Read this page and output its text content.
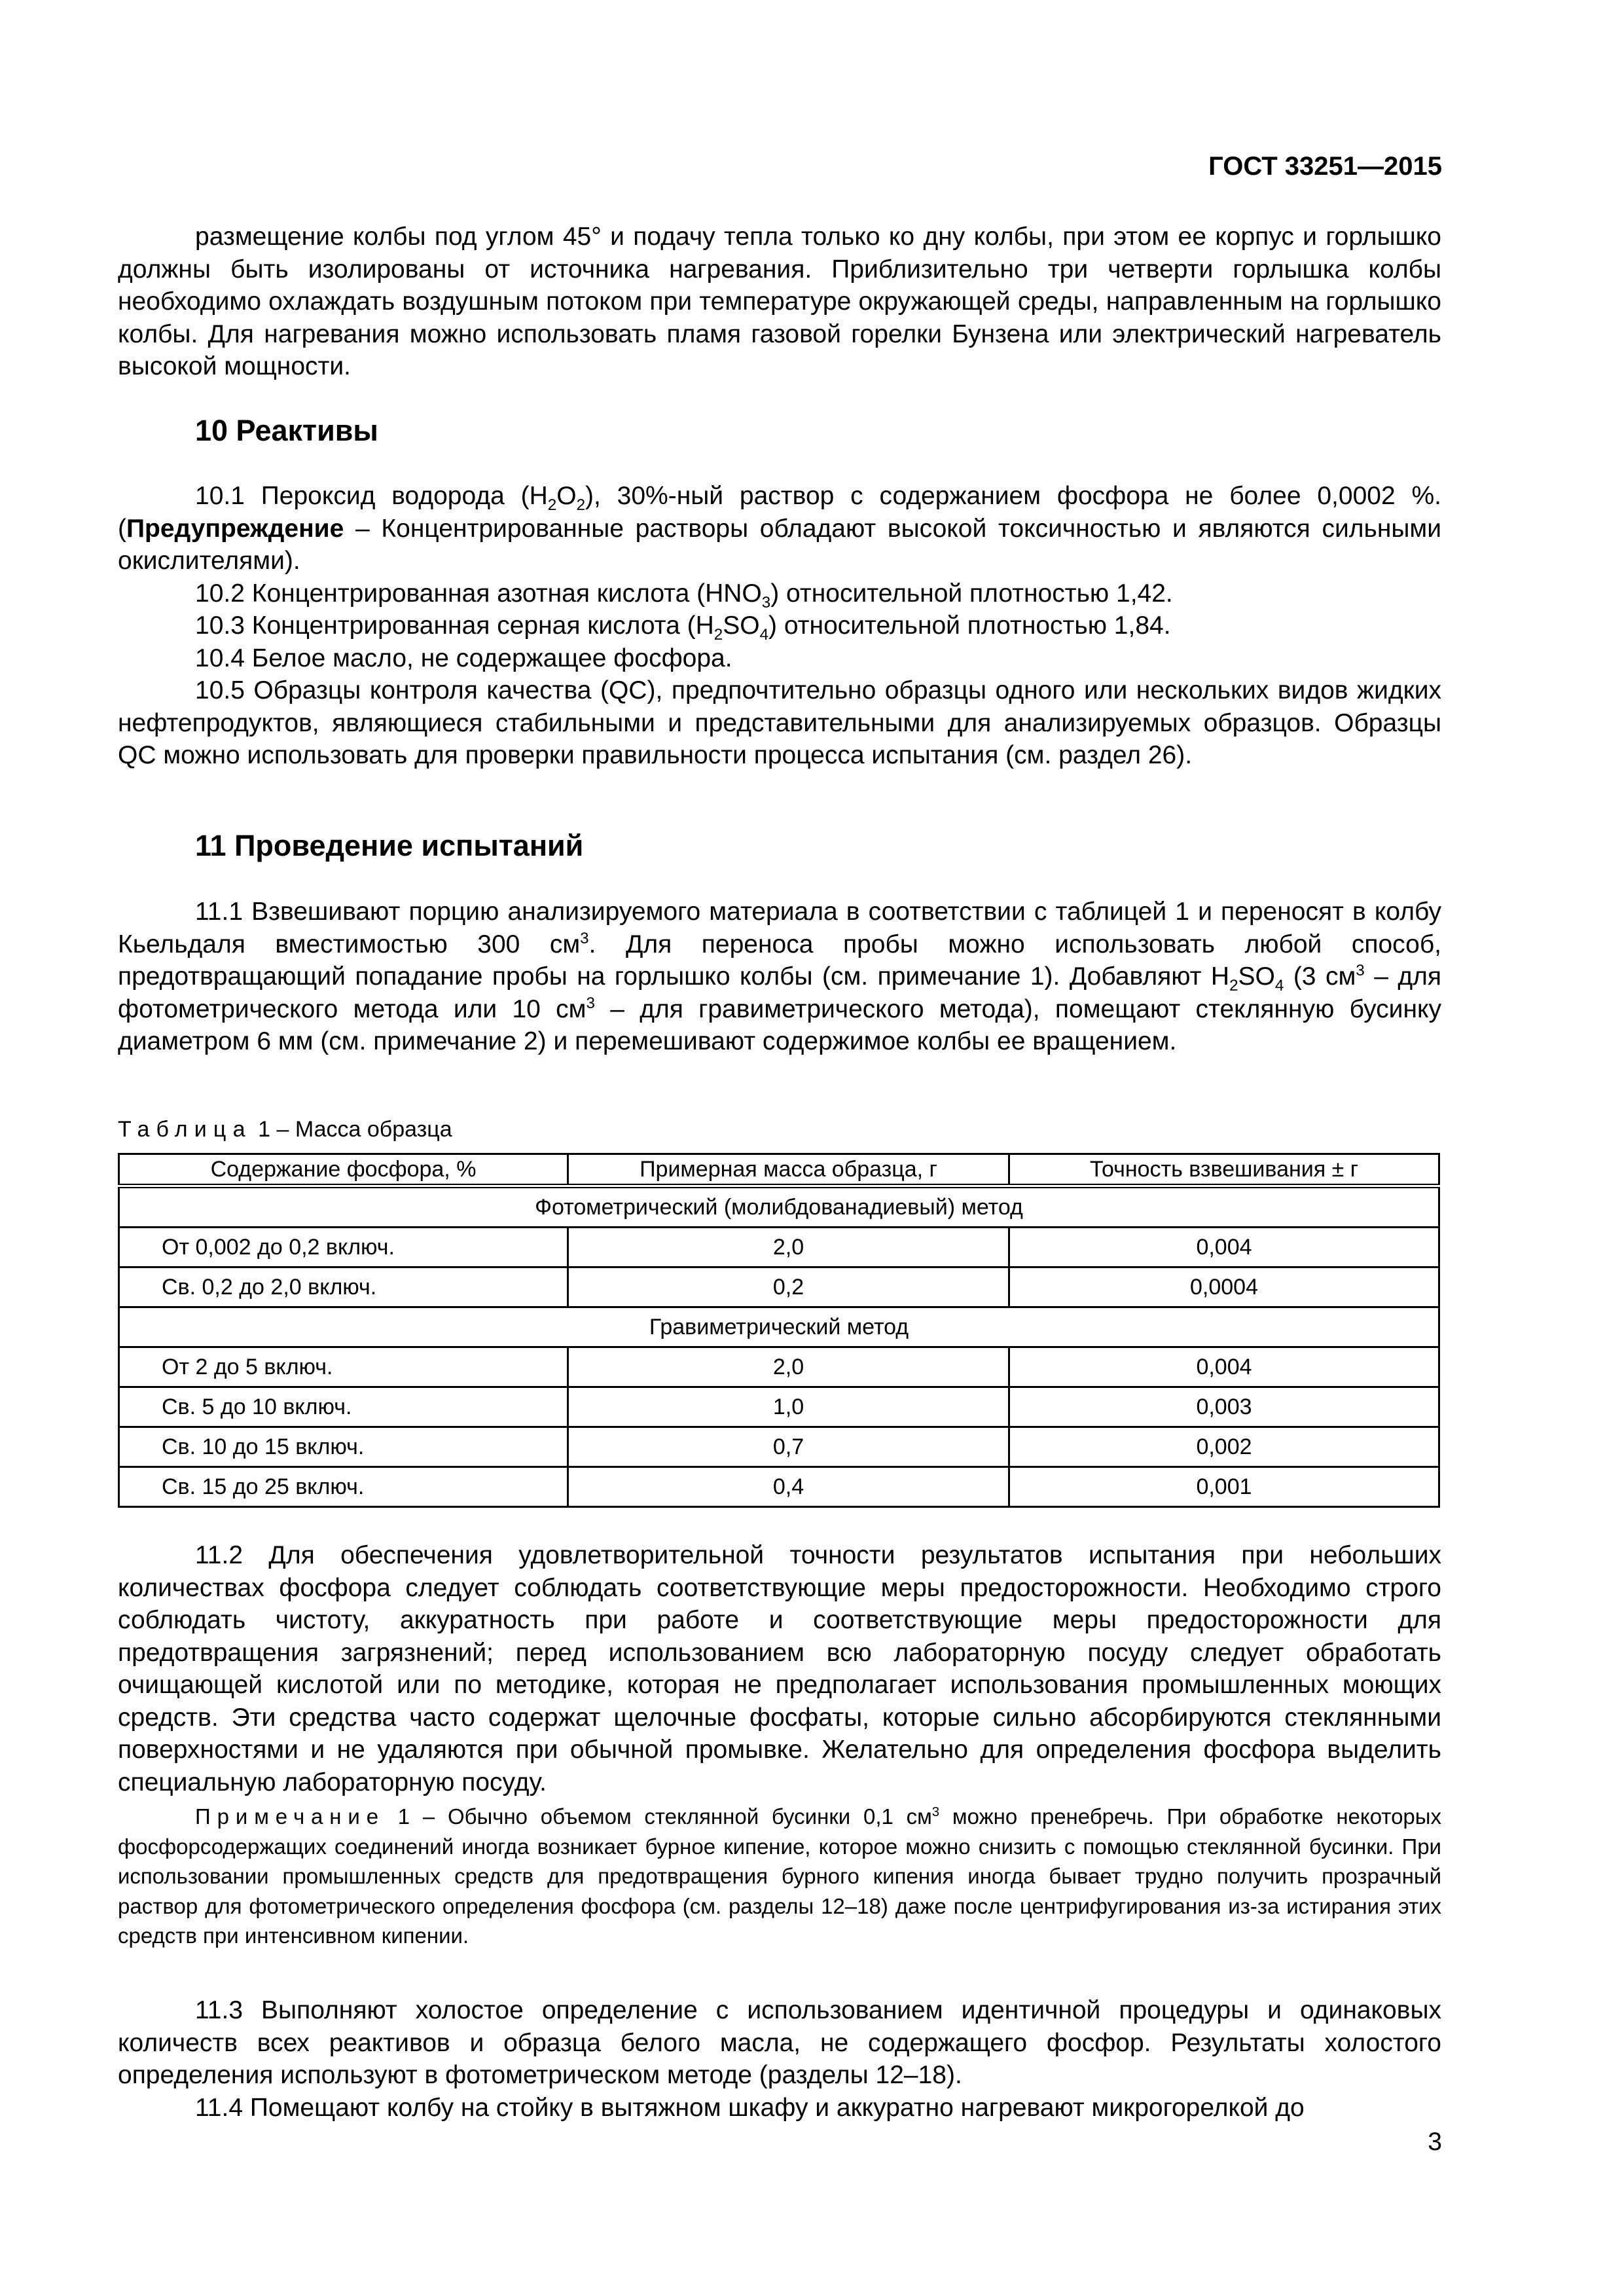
ГОСТ 33251—2015

размещение колбы под углом 45° и подачу тепла только ко дну колбы, при этом ее корпус и горлышко должны быть изолированы от источника нагревания. Приблизительно три четверти горлышка колбы необходимо охлаждать воздушным потоком при температуре окружающей среды, направленным на горлышко колбы. Для нагревания можно использовать пламя газовой горелки Бунзена или электрический нагреватель высокой мощности.

10 Реактивы

10.1 Пероксид водорода $(H_2O_2)$, 30%-ный раствор с содержанием фосфора не более 0,0002 %. (Предупреждение – Концентрированные растворы обладают высокой токсичностью и являются сильными окислителями).

10.2 Концентрированная азотная кислота $(HNO_3)$ относительной плотностью 1,42.

10.3 Концентрированная серная кислота $(H_2SO_4)$ относительной плотностью 1,84.

10.4 Белое масло, не содержащее фосфора.

10.5 Образцы контроля качества (QC), предпочтительно образцы одного или нескольких видов жидких нефтепродуктов, являющиеся стабильными и представительными для анализируемых образцов. Образцы QC можно использовать для проверки правильности процесса испытания (см. раздел 26).

11 Проведение испытаний

11.1 Взвешивают порцию анализируемого материала в соответствии с таблицей 1 и переносят в колбу Кьельдаля вместимостью 300 $см^3$. Для переноса пробы можно использовать любой способ, предотвращающий попадание пробы на горлышко колбы (см. примечание 1). Добавляют $H_2SO_4$ (3 $см^3$ – для фотометрического метода или 10 $см^3$ – для гравиметрического метода), помещают стеклянную бусинку диаметром 6 мм (см. примечание 2) и перемешивают содержимое колбы ее вращением.

Таблица 1 – Масса образца
Содержание фосфора, %	Примерная масса образца, г	Точность взвешивания ± г
Фотометрический (молибдованадиевый) метод		
От 0,002 до 0,2 включ.	2,0	0,004
Св. 0,2 до 2,0 включ.	0,2	0,0004
Гравиметрический метод		
От 2 до 5 включ.	2,0	0,004
Св. 5 до 10 включ.	1,0	0,003
Св. 10 до 15 включ.	0,7	0,002
Св. 15 до 25 включ.	0,4	0,001

11.2 Для обеспечения удовлетворительной точности результатов испытания при небольших количествах фосфора следует соблюдать соответствующие меры предосторожности. Необходимо строго соблюдать чистоту, аккуратность при работе и соответствующие меры предосторожности для предотвращения загрязнений; перед использованием всю лабораторную посуду следует обработать очищающей кислотой или по методике, которая не предполагает использования промышленных моющих средств. Эти средства часто содержат щелочные фосфаты, которые сильно абсорбируются стеклянными поверхностями и не удаляются при обычной промывке. Желательно для определения фосфора выделить специальную лабораторную посуду.

Примечание 1 – Обычно объемом стеклянной бусинки 0,1 $см^3$ можно пренебречь. При обработке некоторых фосфорсодержащих соединений иногда возникает бурное кипение, которое можно снизить с помощью стеклянной бусинки. При использовании промышленных средств для предотвращения бурного кипения иногда бывает трудно получить прозрачный раствор для фотометрического определения фосфора (см. разделы 12–18) даже после центрифугирования из-за истирания этих средств при интенсивном кипении.

11.3 Выполняют холостое определение с использованием идентичной процедуры и одинаковых количеств всех реактивов и образца белого масла, не содержащего фосфор. Результаты холостого определения используют в фотометрическом методе (разделы 12–18).

11.4 Помещают колбу на стойку в вытяжном шкафу и аккуратно нагревают микрогорелкой до

3
